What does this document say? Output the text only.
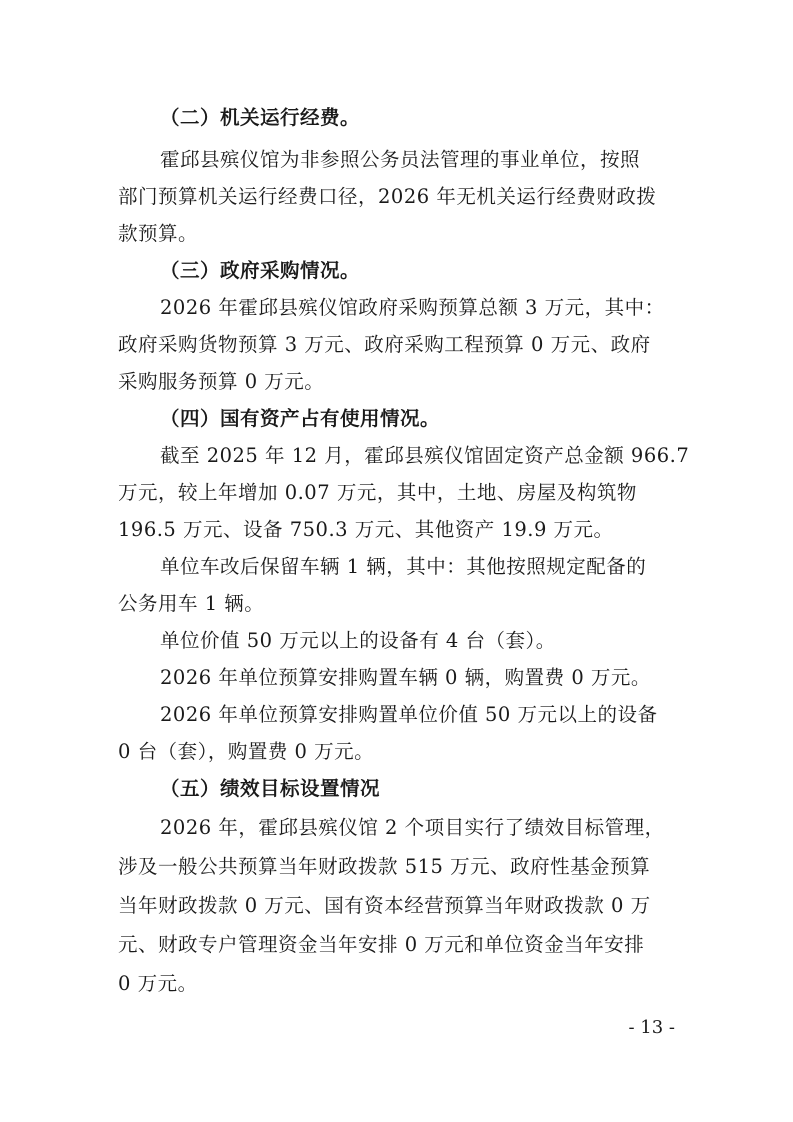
（二）机关运行经费。
霍邱县殡仪馆为非参照公务员法管理的事业单位，按照
部门预算机关运行经费口径，2026 年无机关运行经费财政拨
款预算。
（三）政府采购情况。
2026 年霍邱县殡仪馆政府采购预算总额 3 万元，其中：
政府采购货物预算 3 万元、政府采购工程预算 0 万元、政府
采购服务预算 0 万元。
（四）国有资产占有使用情况。
截至 2025 年 12 月，霍邱县殡仪馆固定资产总金额 966.7
万元，较上年增加 0.07 万元，其中，土地、房屋及构筑物
196.5 万元、设备 750.3 万元、其他资产 19.9 万元。
单位车改后保留车辆 1 辆，其中：其他按照规定配备的
公务用车 1 辆。
单位价值 50 万元以上的设备有 4 台（套）。
2026 年单位预算安排购置车辆 0 辆，购置费 0 万元。
2026 年单位预算安排购置单位价值 50 万元以上的设备
0 台（套），购置费 0 万元。
（五）绩效目标设置情况
2026 年，霍邱县殡仪馆 2 个项目实行了绩效目标管理，
涉及一般公共预算当年财政拨款 515 万元、政府性基金预算
当年财政拨款 0 万元、国有资本经营预算当年财政拨款 0 万
元、财政专户管理资金当年安排 0 万元和单位资金当年安排
0 万元。
- 13 -
